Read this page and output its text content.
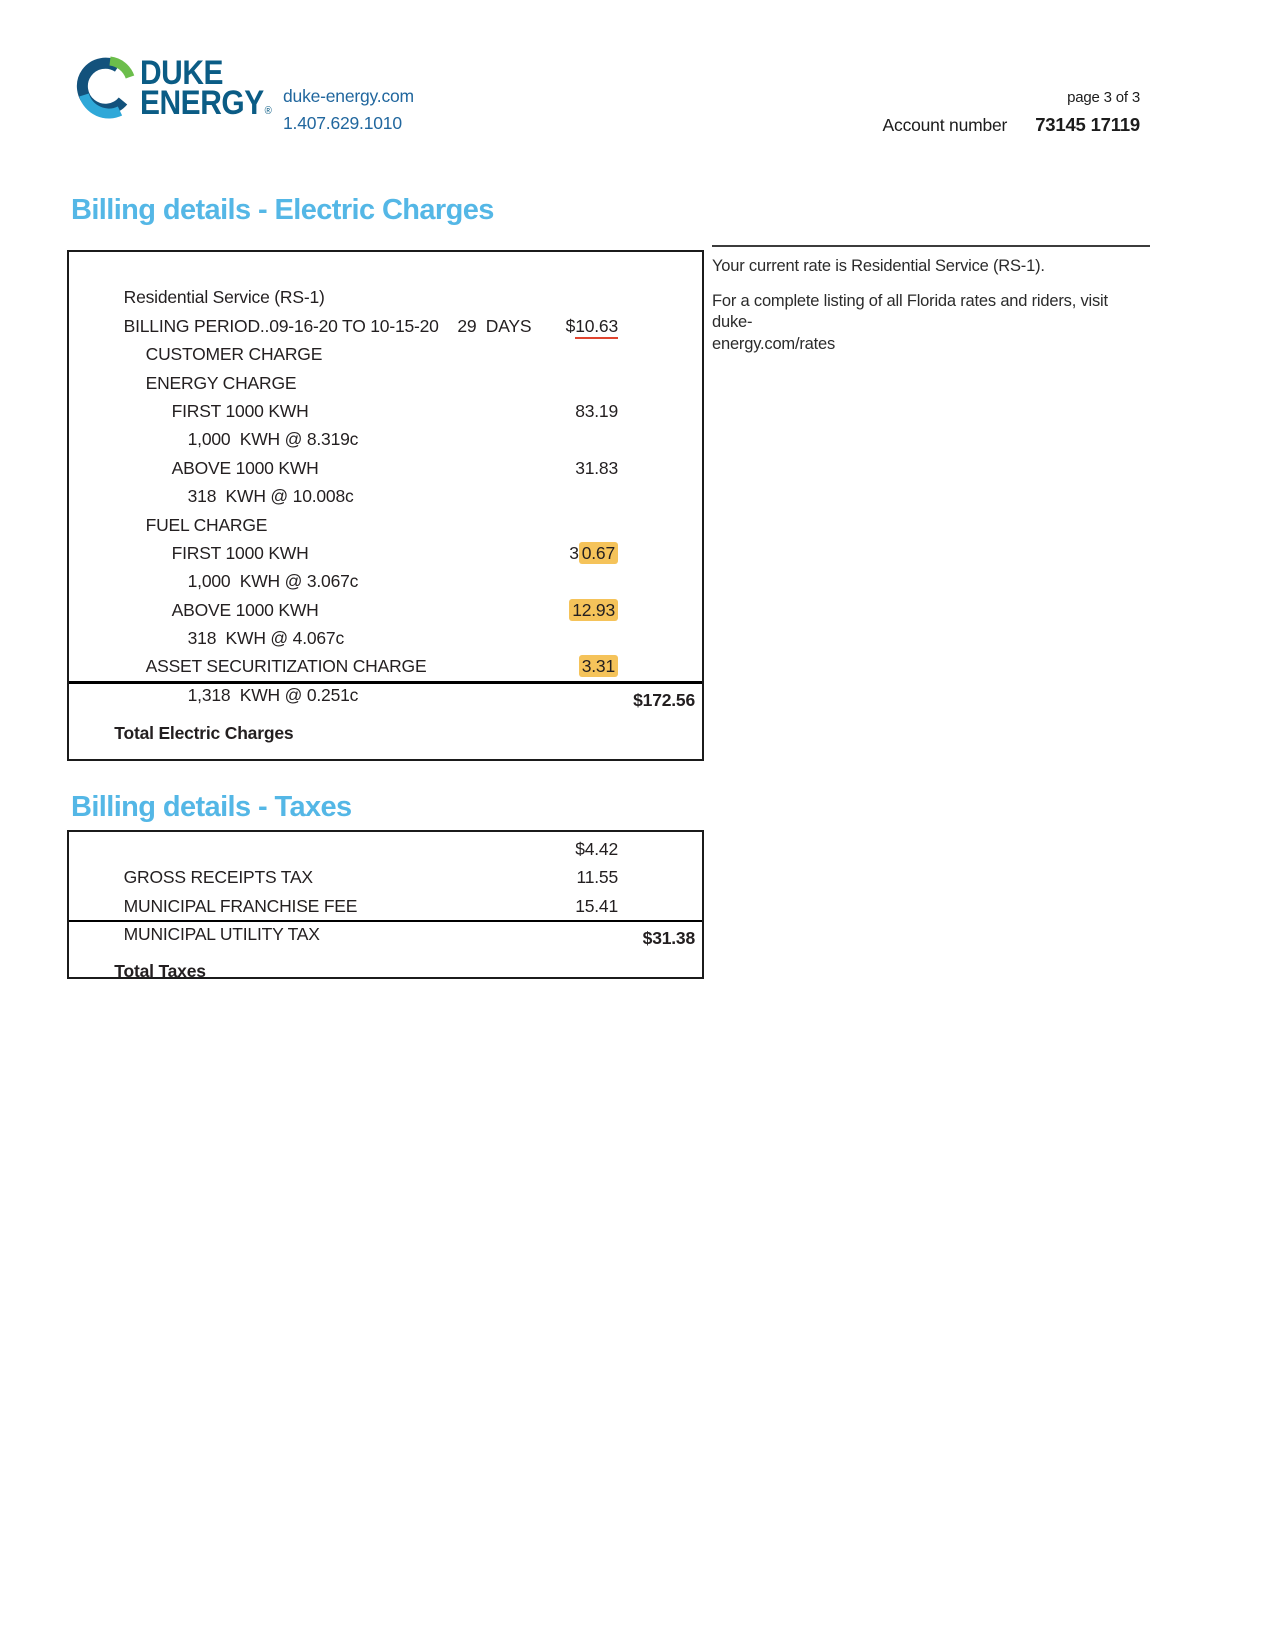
DUKE
ENERGY®
duke-energy.com
1.407.629.1010
page 3 of 3
Account number 73145 17119
Billing details - Electric Charges

Residential Service (RS-1)

BILLING PERIOD..09-16-20 TO 10-15-20    29  DAYS

CUSTOMER CHARGE

$10.63

ENERGY CHARGE

FIRST 1000 KWH

1,000  KWH @ 8.319c

83.19

ABOVE 1000 KWH

318  KWH @ 10.008c

31.83

FUEL CHARGE

FIRST 1000 KWH

1,000  KWH @ 3.067c

3 0.67

ABOVE 1000 KWH

318  KWH @ 4.067c

12.93

ASSET SECURITIZATION CHARGE

1,318  KWH @ 0.251c

3.31

Total Electric Charges

$172.56

Your current rate is Residential Service (RS-1).

For a complete listing of all Florida rates and riders, visit duke-
energy.com/rates

Billing details - Taxes

GROSS RECEIPTS TAX

$4.42

MUNICIPAL FRANCHISE FEE

11.55

MUNICIPAL UTILITY TAX

15.41

Total Taxes

$31.38
